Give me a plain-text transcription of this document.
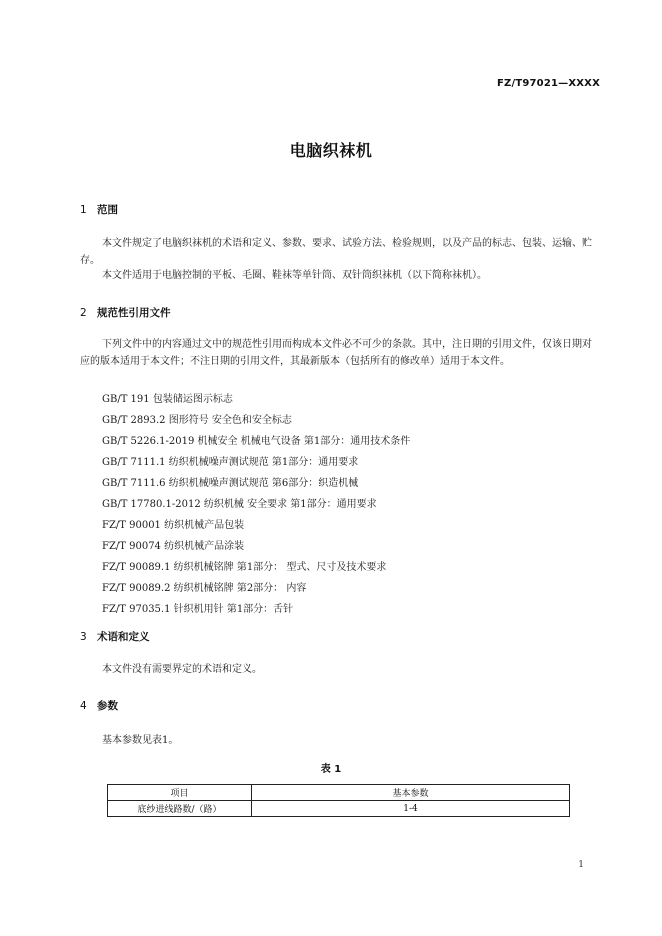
FZ/T97021—XXXX
电脑织袜机
1 范围
本文件规定了电脑织袜机的术语和定义、参数、要求、试验方法、检验规则，以及产品的标志、包装、运输、贮存。
本文件适用于电脑控制的平板、毛圈、鞋袜等单针筒、双针筒织袜机（以下简称袜机）。
2 规范性引用文件
下列文件中的内容通过文中的规范性引用而构成本文件必不可少的条款。其中，注日期的引用文件，仅该日期对应的版本适用于本文件；不注日期的引用文件，其最新版本（包括所有的修改单）适用于本文件。
GB/T 191 包装储运图示标志
GB/T 2893.2 图形符号 安全色和安全标志
GB/T 5226.1-2019 机械安全 机械电气设备 第1部分：通用技术条件
GB/T 7111.1 纺织机械噪声测试规范 第1部分：通用要求
GB/T 7111.6 纺织机械噪声测试规范 第6部分：织造机械
GB/T 17780.1-2012 纺织机械 安全要求 第1部分：通用要求
FZ/T 90001 纺织机械产品包装
FZ/T 90074 纺织机械产品涂装
FZ/T 90089.1 纺织机械铭牌 第1部分： 型式、尺寸及技术要求
FZ/T 90089.2 纺织机械铭牌 第2部分： 内容
FZ/T 97035.1 针织机用针 第1部分：舌针
3 术语和定义
本文件没有需要界定的术语和定义。
4 参数
基本参数见表1。
表 1
项目	基本参数
底纱进线路数/（路）	1-4
1
